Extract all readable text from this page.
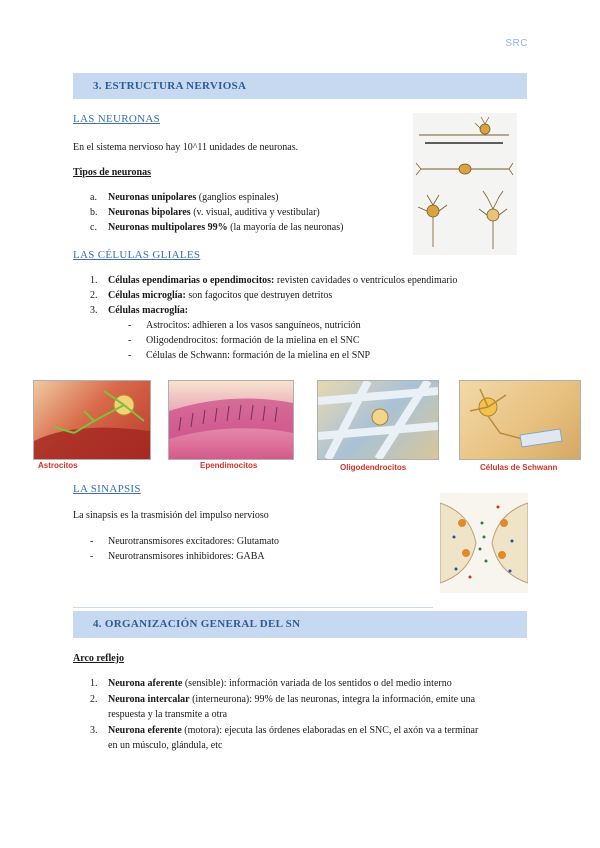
SRC
3. ESTRUCTURA NERVIOSA
LAS NEURONAS
En el sistema nervioso hay 10^11 unidades de neuronas.
Tipos de neuronas
a. Neuronas unipolares (ganglios espinales)
b. Neuronas bipolares (v. visual, auditiva y vestibular)
c. Neuronas multipolares 99% (la mayoría de las neuronas)
LAS CÉLULAS GLIALES
1. Células ependimarias o ependimocitos: revisten cavidades o ventrículos ependimario
2. Células microglía: son fagocitos que destruyen detritos
3. Células macroglía:
- Astrocitos: adhieren a los vasos sanguíneos, nutrición
- Oligodendrocitos: formación de la mielina en el SNC
- Células de Schwann: formación de la mielina en el SNP
Astrocitos	Ependimocitos	Oligodendrocitos	Células de Schwann
LA SINAPSIS
La sinapsis es la trasmisión del impulso nervioso
- Neurotransmisores excitadores: Glutamato
- Neurotransmisores inhibidores: GABA
4. ORGANIZACIÓN GENERAL DEL SN
Arco reflejo
1. Neurona aferente (sensible): información variada de los sentidos o del medio interno
2. Neurona intercalar (interneurona): 99% de las neuronas, integra la información, emite una
respuesta y la transmite a otra
3. Neurona eferente (motora): ejecuta las órdenes elaboradas en el SNC, el axón va a terminar
en un músculo, glándula, etc
